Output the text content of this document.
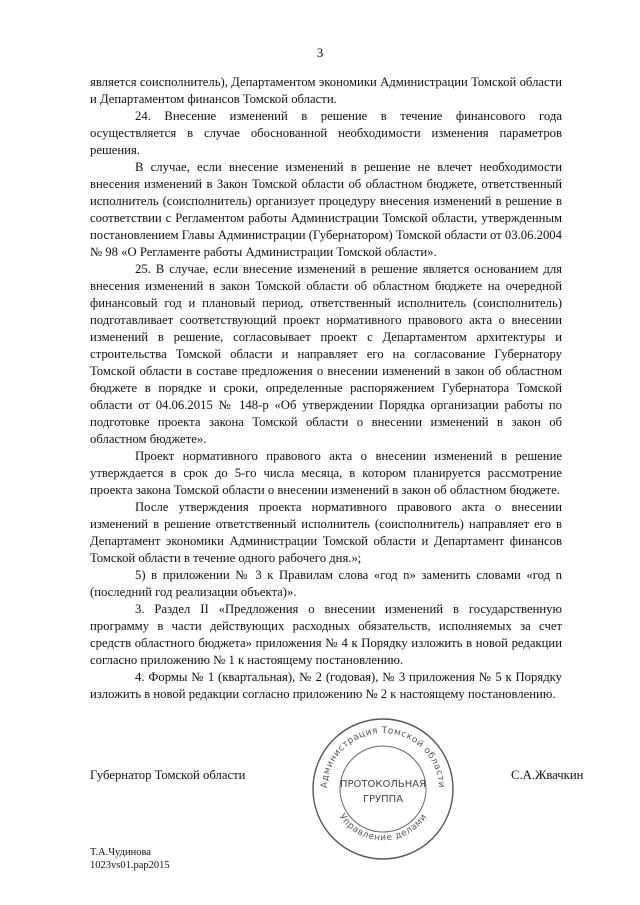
3

является соисполнитель), Департаментом экономики Администрации Томской области и Департаментом финансов Томской области.

24. Внесение изменений в решение в течение финансового года осуществляется в случае обоснованной необходимости изменения параметров решения.

В случае, если внесение изменений в решение не влечет необходимости внесения изменений в Закон Томской области об областном бюджете, ответственный исполнитель (соисполнитель) организует процедуру внесения изменений в решение в соответствии с Регламентом работы Администрации Томской области, утвержденным постановлением Главы Администрации (Губернатором) Томской области от 03.06.2004 № 98 «О Регламенте работы Администрации Томской области».

25. В случае, если внесение изменений в решение является основанием для внесения изменений в закон Томской области об областном бюджете на очередной финансовый год и плановый период, ответственный исполнитель (соисполнитель) подготавливает соответствующий проект нормативного правового акта о внесении изменений в решение, согласовывает проект с Департаментом архитектуры и строительства Томской области и направляет его на согласование Губернатору Томской области в составе предложения о внесении изменений в закон об областном бюджете в порядке и сроки, определенные распоряжением Губернатора Томской области от 04.06.2015 № 148-р «Об утверждении Порядка организации работы по подготовке проекта закона Томской области о внесении изменений в закон об областном бюджете».

Проект нормативного правового акта о внесении изменений в решение утверждается в срок до 5-го числа месяца, в котором планируется рассмотрение проекта закона Томской области о внесении изменений в закон об областном бюджете.

После утверждения проекта нормативного правового акта о внесении изменений в решение ответственный исполнитель (соисполнитель) направляет его в Департамент экономики Администрации Томской области и Департамент финансов Томской области в течение одного рабочего дня.»;

5) в приложении № 3 к Правилам слова «год n» заменить словами «год n (последний год реализации объекта)».

3. Раздел II «Предложения о внесении изменений в государственную программу в части действующих расходных обязательств, исполняемых за счет средств областного бюджета» приложения № 4 к Порядку изложить в новой редакции согласно приложению № 1 к настоящему постановлению.

4. Формы № 1 (квартальная), № 2 (годовая), № 3 приложения № 5 к Порядку изложить в новой редакции согласно приложению № 2 к настоящему постановлению.

Губернатор Томской области	С.А.Жвачкин
Администрация Томской области
Управление делами
ПРОТОКОЛЬНАЯ
ГРУППА
Т.А.Чудинова
1023vs01.pap2015
